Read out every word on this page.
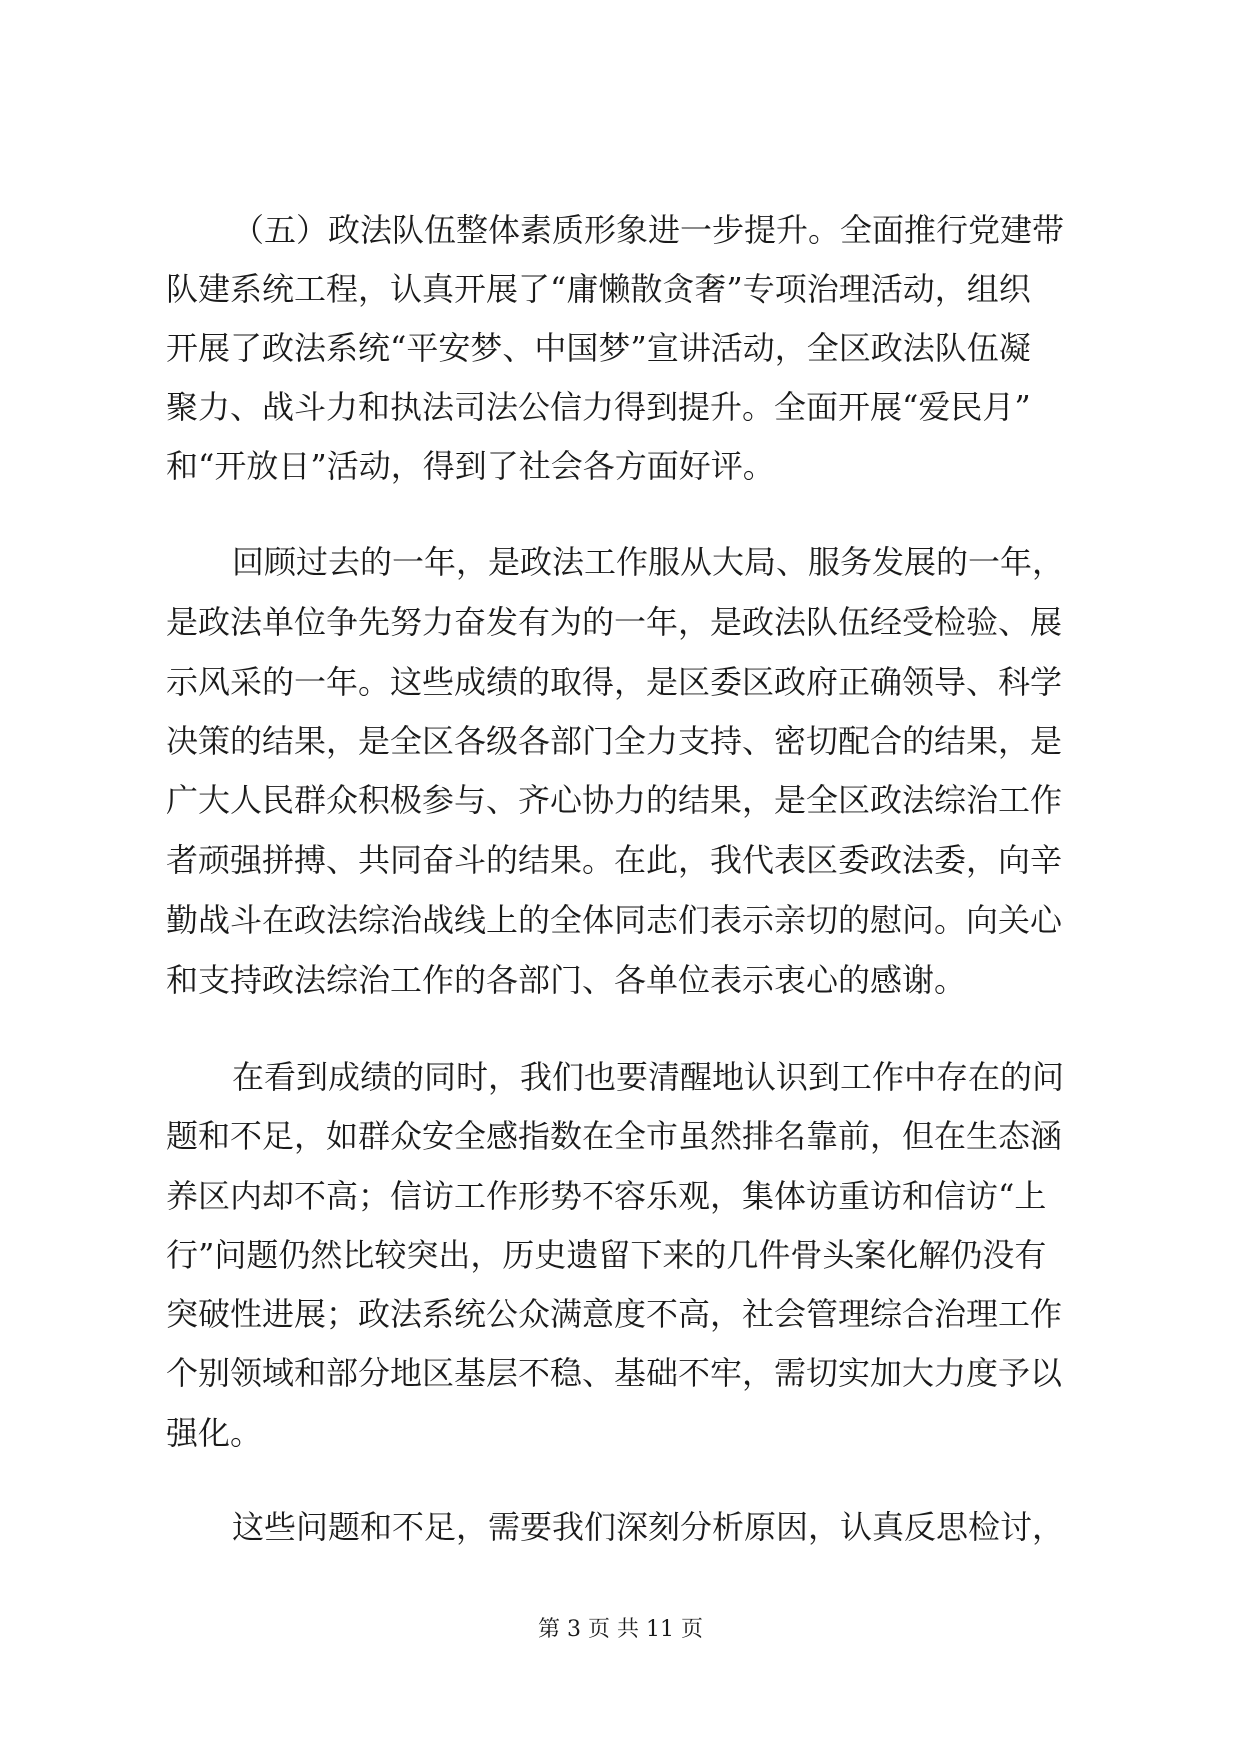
（五）政法队伍整体素质形象进一步提升。全面推行党建带
队建系统工程，认真开展了“庸懒散贪奢”专项治理活动，组织
开展了政法系统“平安梦、中国梦”宣讲活动，全区政法队伍凝
聚力、战斗力和执法司法公信力得到提升。全面开展“爱民月”
和“开放日”活动，得到了社会各方面好评。
回顾过去的一年，是政法工作服从大局、服务发展的一年，
是政法单位争先努力奋发有为的一年，是政法队伍经受检验、展
示风采的一年。这些成绩的取得，是区委区政府正确领导、科学
决策的结果，是全区各级各部门全力支持、密切配合的结果，是
广大人民群众积极参与、齐心协力的结果，是全区政法综治工作
者顽强拼搏、共同奋斗的结果。在此，我代表区委政法委，向辛
勤战斗在政法综治战线上的全体同志们表示亲切的慰问。向关心
和支持政法综治工作的各部门、各单位表示衷心的感谢。
在看到成绩的同时，我们也要清醒地认识到工作中存在的问
题和不足，如群众安全感指数在全市虽然排名靠前，但在生态涵
养区内却不高；信访工作形势不容乐观，集体访重访和信访“上
行”问题仍然比较突出，历史遗留下来的几件骨头案化解仍没有
突破性进展；政法系统公众满意度不高，社会管理综合治理工作
个别领域和部分地区基层不稳、基础不牢，需切实加大力度予以
强化。
这些问题和不足，需要我们深刻分析原因，认真反思检讨，
第 3 页 共 11 页
